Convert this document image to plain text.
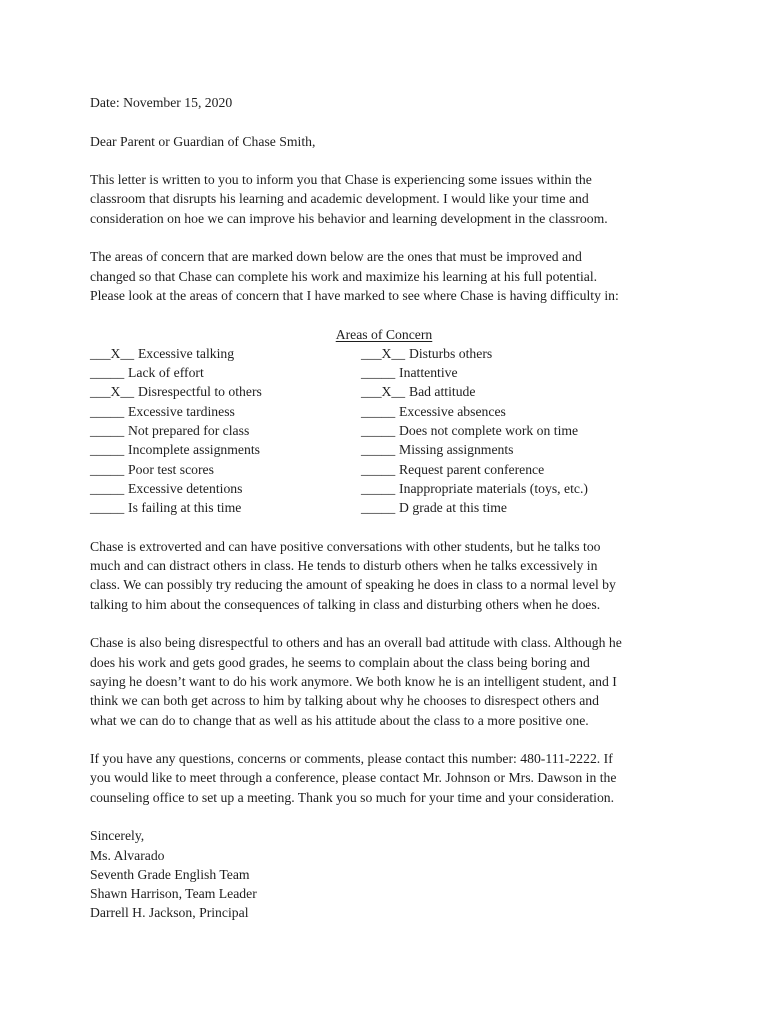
Date: November 15, 2020
Dear Parent or Guardian of Chase Smith,
This letter is written to you to inform you that Chase is experiencing some issues within the
classroom that disrupts his learning and academic development. I would like your time and
consideration on hoe we can improve his behavior and learning development in the classroom.
The areas of concern that are marked down below are the ones that must be improved and
changed so that Chase can complete his work and maximize his learning at his full potential.
Please look at the areas of concern that I have marked to see where Chase is having difficulty in:
Areas of Concern
___X__ Excessive talking	___X__ Disturbs others
_____ Lack of effort	_____ Inattentive
___X__ Disrespectful to others	___X__ Bad attitude
_____ Excessive tardiness	_____ Excessive absences
_____ Not prepared for class	_____ Does not complete work on time
_____ Incomplete assignments	_____ Missing assignments
_____ Poor test scores	_____ Request parent conference
_____ Excessive detentions	_____ Inappropriate materials (toys, etc.)
_____ Is failing at this time	_____ D grade at this time
Chase is extroverted and can have positive conversations with other students, but he talks too
much and can distract others in class. He tends to disturb others when he talks excessively in
class. We can possibly try reducing the amount of speaking he does in class to a normal level by
talking to him about the consequences of talking in class and disturbing others when he does.
Chase is also being disrespectful to others and has an overall bad attitude with class. Although he
does his work and gets good grades, he seems to complain about the class being boring and
saying he doesn’t want to do his work anymore. We both know he is an intelligent student, and I
think we can both get across to him by talking about why he chooses to disrespect others and
what we can do to change that as well as his attitude about the class to a more positive one.
If you have any questions, concerns or comments, please contact this number: 480-111-2222. If
you would like to meet through a conference, please contact Mr. Johnson or Mrs. Dawson in the
counseling office to set up a meeting. Thank you so much for your time and your consideration.
Sincerely,
Ms. Alvarado
Seventh Grade English Team
Shawn Harrison, Team Leader
Darrell H. Jackson, Principal
